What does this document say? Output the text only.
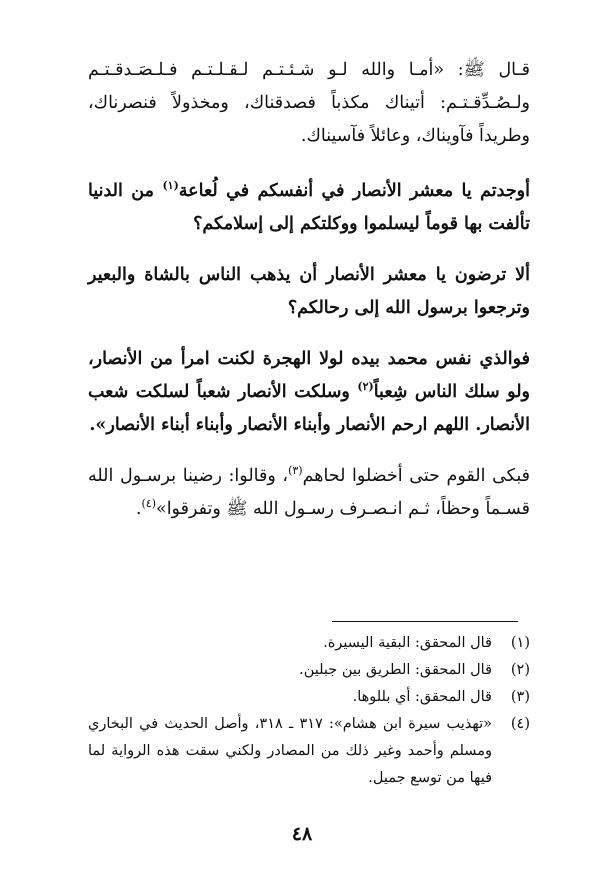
قـال ﷺ: «أمـا والله لـو شـئـتـم لـقـلـتـم فـلـصَـدقـتـم ولـصُـدِّقـتـم: أتيناك مكذباً فصدقناك، ومخذولاً فنصرناك، وطريداً فآويناك، وعائلاً فآسيناك.

أوجدتم يا معشر الأنصار في أنفسكم في لُعاعة$^{(١)}$ من الدنيا تألفت بها قوماً ليسلموا ووكلتكم إلى إسلامكم؟

ألا ترضون يا معشر الأنصار أن يذهب الناس بالشاة والبعير وترجعوا برسول الله إلى رحالكم؟

فوالذي نفس محمد بيده لولا الهجرة لكنت امرأ من الأنصار، ولو سلك الناس شِعباً$^{(٢)}$ وسلكت الأنصار شعباً لسلكت شعب الأنصار. اللهم ارحم الأنصار وأبناء الأنصار وأبناء أبناء الأنصار».

فبكى القوم حتى أخضلوا لحاهم$^{(٣)}$، وقالوا: رضينا برسـول الله قسـماً وحظاً، ثـم انـصـرف رسـول الله ﷺ وتفرقوا»$^{(٤)}$.

(١)
قال المحقق: البقية اليسيرة.
(٢)
قال المحقق: الطريق بين جبلين.
(٣)
قال المحقق: أي بللوها.
(٤)
«تهذيب سيرة ابن هشام»: ٣١٧ ـ ٣١٨، وأصل الحديث في البخاري ومسلم وأحمد وغير ذلك من المصادر ولكني سقت هذه الرواية لما فيها من توسع جميل.
٤٨
